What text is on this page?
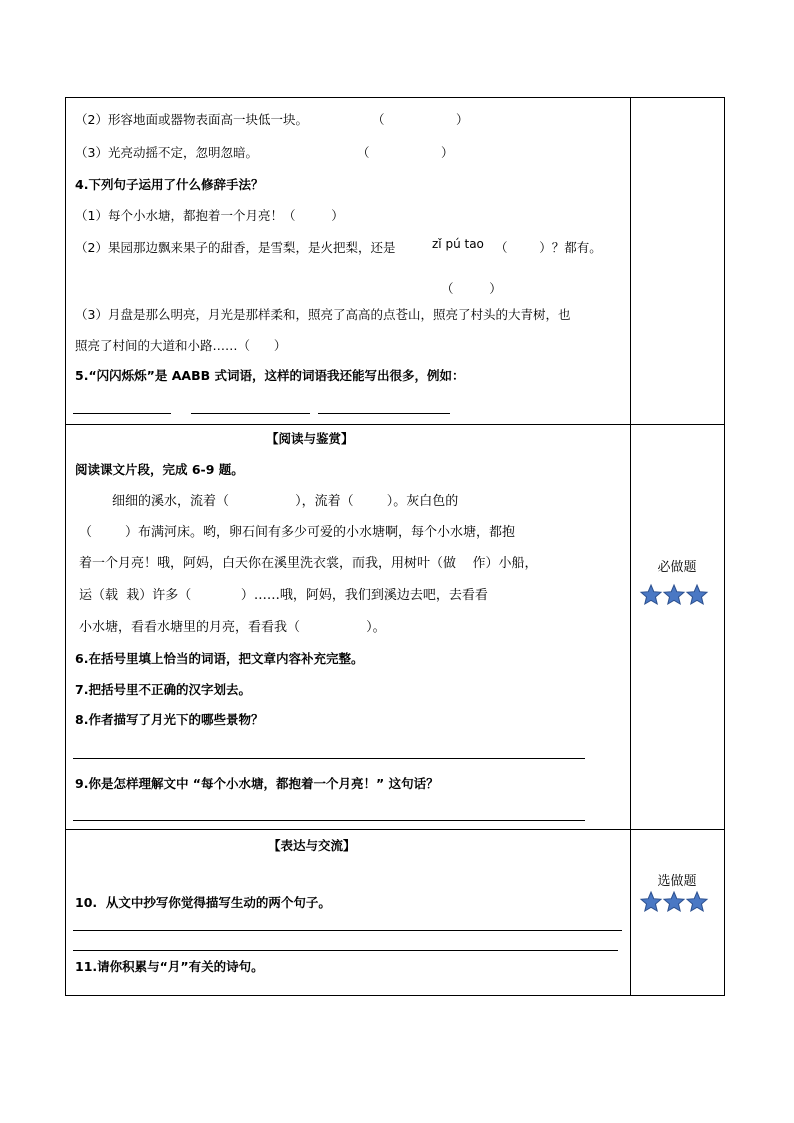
（2）形容地面或器物表面高一块低一块。	（                  ）
（3）光亮动摇不定，忽明忽暗。	（                  ）
4.下列句子运用了什么修辞手法？
（1）每个小水塘，都抱着一个月亮！（         ）
（2）果园那边飘来果子的甜香，是雪梨，是火把梨，还是	zǐ pú tao （        ）？都有。
（         ）
（3）月盘是那么明亮，月光是那样柔和，照亮了高高的点苍山，照亮了村头的大青树，也
照亮了村间的大道和小路……（      ）
5.“闪闪烁烁”是 AABB 式词语，这样的词语我还能写出很多，例如：
【阅读与鉴赏】
阅读课文片段，完成 6-9 题。
细细的溪水，流着（                ），流着（        ）。灰白色的
（        ）布满河床。哟，卵石间有多少可爱的小水塘啊，每个小水塘，都抱
着一个月亮！哦，阿妈，白天你在溪里洗衣裳，而我，用树叶（做    作）小船，
运（载  栽）许多（            ）……哦，阿妈，我们到溪边去吧，去看看
小水塘，看看水塘里的月亮，看看我（                ）。
6.在括号里填上恰当的词语，把文章内容补充完整。
7.把括号里不正确的汉字划去。
8.作者描写了月光下的哪些景物？
9.你是怎样理解文中 “每个小水塘，都抱着一个月亮！” 这句话？
必做题
【表达与交流】
10.  从文中抄写你觉得描写生动的两个句子。
11.请你积累与“月”有关的诗句。
选做题
